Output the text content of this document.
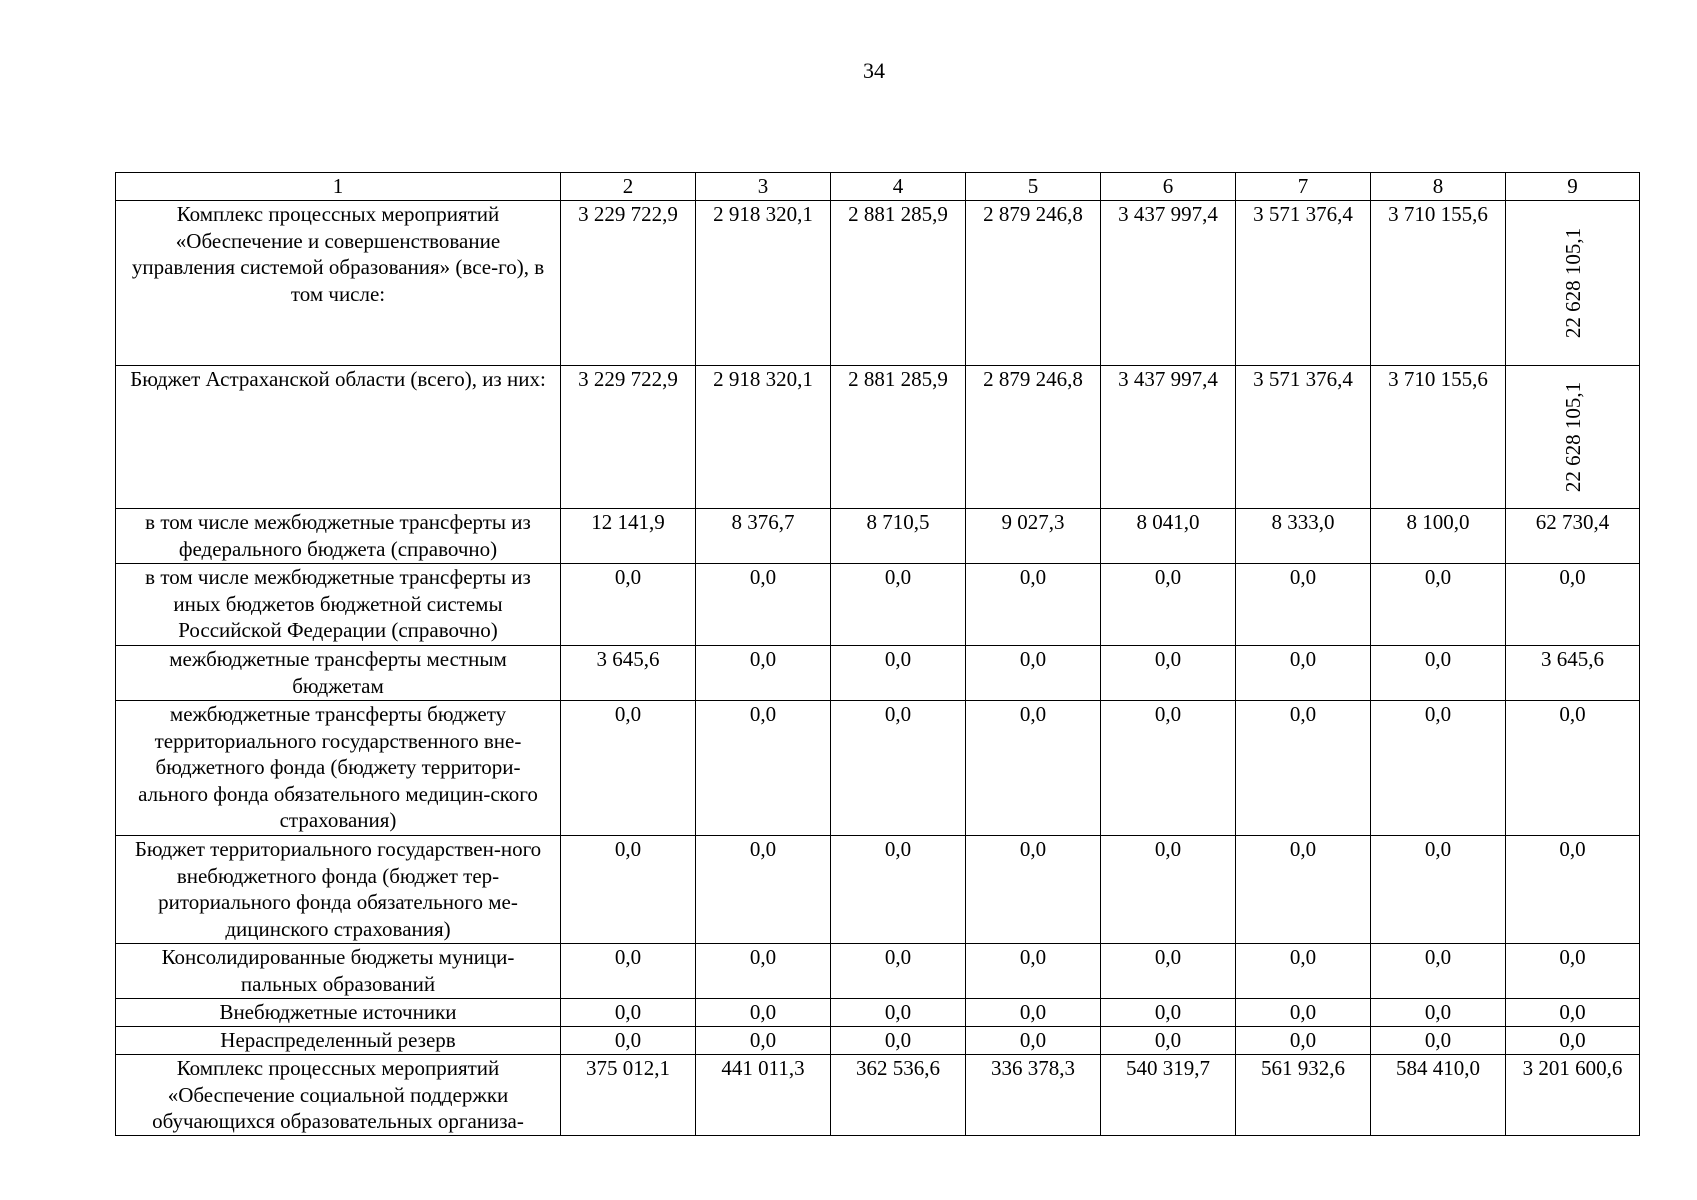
34
1	2	3	4	5	6	7	8	9
Комплекс процессных мероприятий «Обеспечение и совершенствование управления системой образования» (все-го), в том числе:	3 229 722,9	2 918 320,1	2 881 285,9	2 879 246,8	3 437 997,4	3 571 376,4	3 710 155,6	22 628 105,1

Бюджет Астраханской области (всего), из них:	3 229 722,9	2 918 320,1	2 881 285,9	2 879 246,8	3 437 997,4	3 571 376,4	3 710 155,6	22 628 105,1

в том числе межбюджетные трансферты из федерального бюджета (справочно)	12 141,9	8 376,7	8 710,5	9 027,3	8 041,0	8 333,0	8 100,0	62 730,4
в том числе межбюджетные трансферты из иных бюджетов бюджетной системы Российской Федерации (справочно)	0,0	0,0	0,0	0,0	0,0	0,0	0,0	0,0
межбюджетные трансферты местным бюджетам	3 645,6	0,0	0,0	0,0	0,0	0,0	0,0	3 645,6
межбюджетные трансферты бюджету территориального государственного вне-бюджетного фонда (бюджету территори-ального фонда обязательного медицин-ского страхования)	0,0	0,0	0,0	0,0	0,0	0,0	0,0	0,0
Бюджет территориального государствен-ного внебюджетного фонда (бюджет тер-риториального фонда обязательного ме-дицинского страхования)	0,0	0,0	0,0	0,0	0,0	0,0	0,0	0,0
Консолидированные бюджеты муници-пальных образований	0,0	0,0	0,0	0,0	0,0	0,0	0,0	0,0
Внебюджетные источники	0,0	0,0	0,0	0,0	0,0	0,0	0,0	0,0
Нераспределенный резерв	0,0	0,0	0,0	0,0	0,0	0,0	0,0	0,0
Комплекс процессных мероприятий «Обеспечение социальной поддержки обучающихся образовательных организа-	375 012,1	441 011,3	362 536,6	336 378,3	540 319,7	561 932,6	584 410,0	3 201 600,6
